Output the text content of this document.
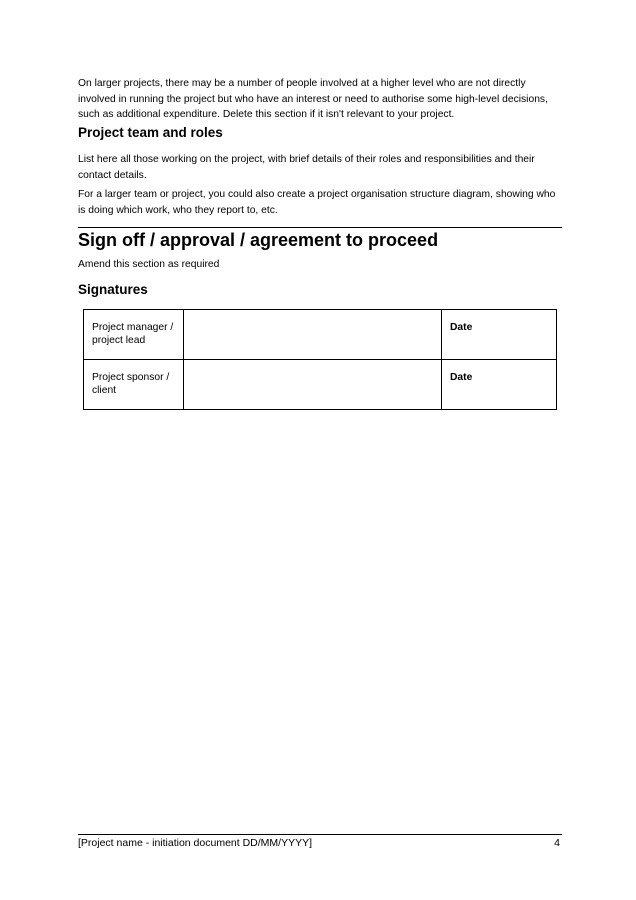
On larger projects, there may be a number of people involved at a higher level who are not directly involved in running the project but who have an interest or need to authorise some high-level decisions, such as additional expenditure. Delete this section if it isn't relevant to your project.

Project team and roles

List here all those working on the project, with brief details of their roles and responsibilities and their contact details.

For a larger team or project, you could also create a project organisation structure diagram, showing who is doing which work, who they report to, etc.

Sign off / approval / agreement to proceed

Amend this section as required

Signatures
Project manager / project lead		Date
Project sponsor / client		Date
[Project name - initiation document DD/MM/YYYY]	4
